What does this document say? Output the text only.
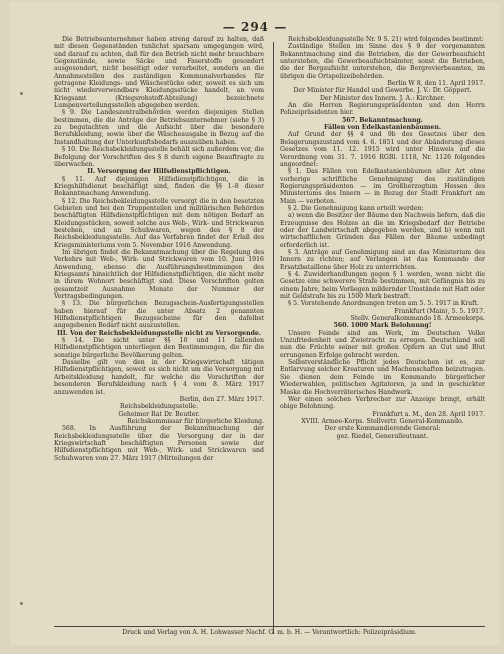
— 294 —

Die Betriebsunternehmer haben streng darauf zu halten, daß mit diesen Gegenständen tunlichst sparsam umgegangen wird, und darauf zu achten, daß für den Betrieb nicht mehr brauchbare Gegenstände, sowie Säcke und Faserstoffe gesondert ausgesondert, nicht beseitigt oder verarbeitet, sondern an die Annahmestellen des zuständigen Kommunalverbandes für getragene Kleidungs- und Wäschestücke oder, soweit es sich um nicht wiederverwendbare Kleidungsstücke handelt, an vom Kriegsamt (Kriegsrohstoff-Abteilung) bezeichnete Lumpenverteilungsstellen abgegeben werden.

§ 9. Die Landeszentralbehörden werden diejenigen Stellen bestimmen, die die Anträge der Betriebsunternehmer (siehe § 3) zu begutachten und die Aufsicht über die besondere Berufskleidung, sowie über die Wäscheausgabe in Bezug auf die Instandhaltung der Unterkunftsbedarfs auszuüben haben.

§ 10. Die Reichsbekleidungsstelle behält sich außerdem vor, die Befolgung der Vorschriften des § 8 durch eigene Beauftragte zu überwachen.

II. Versorgung der Hilfsdienstpflichtigen.

§ 11. Auf diejenigen Hilfsdienstpflichtigen, die in Kriegshilfsdienst beschäftigt sind, finden die §§ 1–8 dieser Bekanntmachung Anwendung.

§ 12. Die Reichsbekleidungsstelle versorgt die in den besetzten Gebieten und bei den Truppenteilen und militärischen Behörden beschäftigten Hilfsdienstpflichtigen mit dem nötigen Bedarf an Kleidungsstücken, soweit solche aus Web-, Wirk- und Strickwaren bestehen, und an Schuhwaren, wegen des § 8 der Reichsbekleidungsstelle. Auf das Verfahren findet der Erlaß des Kriegsministeriums vom 5. November 1916 Anwendung.

Im übrigen findet die Bekanntmachung über die Regelung des Verkehrs mit Web-, Wirk- und Strickwaren vom 10. Juni 1916 Anwendung, ebenso die Ausführungsbestimmungen des Kriegsamts hinsichtlich der Hilfsdienstpflichtigen, die nicht mehr in ihrem Wohnort beschäftigt sind. Diese Vorschriften gelten gesamtzeit Ausnahme Monate der Nummer der Vertragsbedingungen.

§ 13. Die bürgerlichen Bezugsschein-Ausfertigungsstellen haben hierauf für die unter Absatz 2 genannten Hilfsdienstpflichtigen Bezugsscheine für den dafelbst angegebenen Bedarf nicht auszustellen.

III. Von der Reichsbekleidungsstelle nicht zu Versorgende.

§ 14. Die nicht unter §§ 10 und 11 fallenden Hilfsdienstpflichtigen unterliegen den Bestimmungen, die für die sonstige bürgerliche Bevölkerung gelten.

Dasselbe gilt von den in der Kriegswirtschaft tätigen Hilfsdienstpflichtigen, soweit es sich nicht um die Versorgung mit Arbeitskleidung handelt, für welche die Vorschriften der besonderen Berufskleidung nach § 4 vom 8. März 1917 anzuwenden ist.

Berlin, den 27. März 1917.

Reichsbekleidungsstelle.

Geheimer Rat Dr. Beutler.

Reichskommissar für bürgerliche Kleidung.

568. In Ausführung der Bekanntmachung der Reichsbekleidungsstelle über die Versorgung der in der Kriegswirtschaft beschäftigten Personen sowie der Hilfsdienstpflichtigen mit Web-, Wirk- und Strickwaren und Schuhwaren vom 27. März 1917 (Mitteilungen der

Reichsbekleidungsstelle Nr. 9 S. 21) wird folgendes bestimmt:

Zuständige Stellen im Sinne des § 9 der vorgenannten Bekanntmachung sind die Betrieben, die der Gewerbeaufsicht unterstehen, die Gewerbeaufsichtsämter, sonst die Betrieben, die der Bergaufsicht unterstehen, die Bergrevierbeamten, im übrigen die Ortspolizeibehörden.

Berlin W 8, den 11. April 1917.

Der Minister für Handel und Gewerbe. J. V.: Dr. Göppert.

Der Minister des Innern. J. A.: Kirchner.

An die Herren Regierungspräsidenten und den Herrn Polizeipräsidenten hier.

567. Bekanntmachung.

Fällen von Edelkastanienbäumen.

Auf Grund der §§ 4 und 9b des Gesetzes über den Belagerungszustand vom 4. 6. 1851 und der Abänderung dieses Gesetzes vom 11. 12. 1915 wird unter Hinweis auf die Verordnung vom 31. 7. 1916 RGBl. 1118, Nr. 1126 folgendes angeordnet:

§ 1. Das Fällen von Edelkastanienbäumen aller Art ohne vorherige schriftliche Genehmigung des zuständigen Regierungspräsidenten — im Großherzogtum Hessen des Ministeriums des Innern — in Bezug der Stadt Frankfurt am Main — verboten.

§ 2. Die Genehmigung kann erteilt werden:

a) wenn die Besitzer der Bäume den Nachweis liefern, daß die Erzeugnisse des Holzes an die im Kriegsbedarf der Betriebe oder der Landwirtschaft abgegeben werden, und b) wenn mit wirtschaftlichen Gründen das Fällen der Bäume unbedingt erforderlich ist.

§ 3. Anträge auf Genehmigung sind an das Ministerium des Innern zu richten; auf Verlangen ist das Kommando der Ersatzbataillone über Holz zu unterrichten.

§ 4. Zuwiderhandlungen gegen § 1 werden, wenn nicht die Gesetze eine schwerere Strafe bestimmen, mit Gefängnis bis zu einem Jahre, beim Vorliegen mildernder Umstände mit Haft oder mit Geldstrafe bis zu 1500 Mark bestraft.

§ 5. Vorstehende Anordnungen treten am 5. 5. 1917 in Kraft.

Frankfurt (Main), 5. 5. 1917.

Stellv. Generalkommando 18. Armeekorps.

560. 1000 Mark Belohnung!

Unsere Feinde sind am Werk, im Deutschen Volke Unzufriedenheit und Zwietracht zu erregen. Deutschland soll nun die Früchte seiner mit großen Opfern an Gut und Blut errungenen Erfolge gebracht werden.

Selbstverständliche Pflicht jedes Deutschen ist es, zur Entlarvung solcher Kreaturen und Machenschaften beizutragen. Sie dienen dem Feinde im Kommando bürgerlicher Wiederwahlen, politischen Agitatoren, ja und in geschickter Maske die Hochverräterisches Handwerk.

Wer einen solchen Verbrecher zur Anzeige bringt, erhält obige Belohnung.

Frankfurt a. M., den 28. April 1917.

XVIII. Armee-Korps. Stellvertr. General-Kommando.

Der erste Kommandierende General:

gez. Riedel, Generalleutnant.

Druck und Verlag von A. H. Lohwasser Nachf. G. m. b. H. — Verantwortlich: Polizeipräsidium.
